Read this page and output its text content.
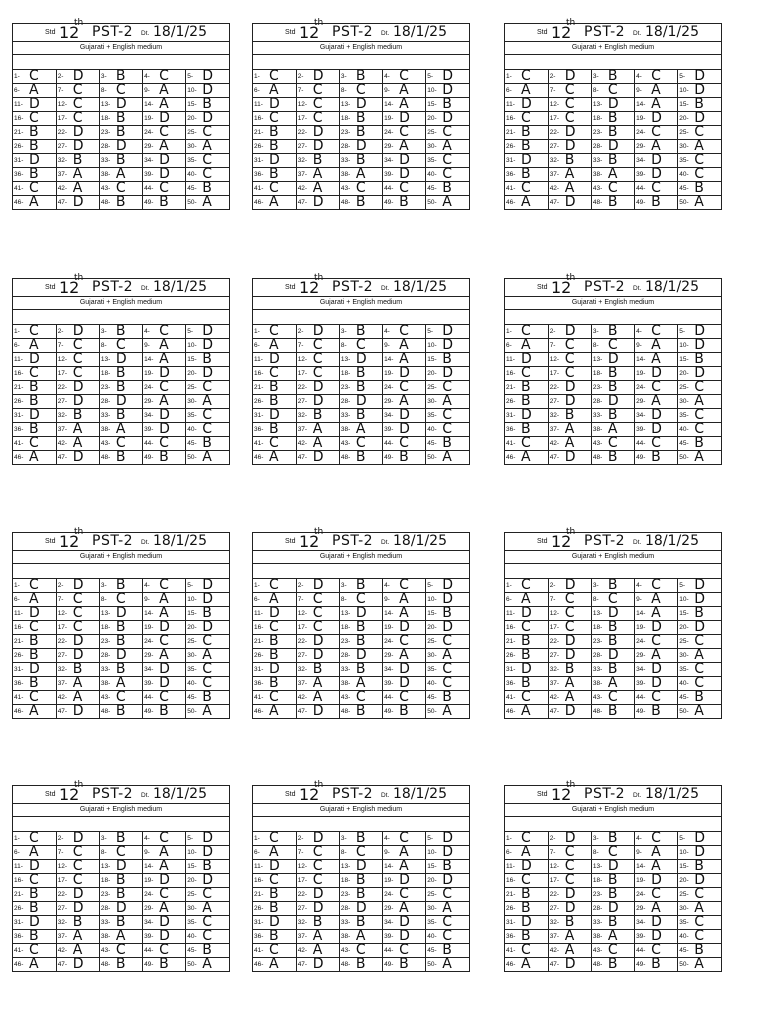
Std 12
th
PST-2 Dt. 18/1/25
Gujarati + English medium
1- C	2- D	3- B	4- C	5- D

6- A	7- C	8- C	9- A	10- D

11- D	12- C	13- D	14- A	15- B

16- C	17- C	18- B	19- D	20- D

21- B	22- D	23- B	24- C	25- C

26- B	27- D	28- D	29- A	30- A

31- D	32- B	33- B	34- D	35- C

36- B	37- A	38- A	39- D	40- C

41- C	42- A	43- C	44- C	45- B

46- A	47- D	48- B	49- B	50- A
Std 12
th
PST-2 Dt. 18/1/25
Gujarati + English medium
1- C	2- D	3- B	4- C	5- D

6- A	7- C	8- C	9- A	10- D

11- D	12- C	13- D	14- A	15- B

16- C	17- C	18- B	19- D	20- D

21- B	22- D	23- B	24- C	25- C

26- B	27- D	28- D	29- A	30- A

31- D	32- B	33- B	34- D	35- C

36- B	37- A	38- A	39- D	40- C

41- C	42- A	43- C	44- C	45- B

46- A	47- D	48- B	49- B	50- A
Std 12
th
PST-2 Dt. 18/1/25
Gujarati + English medium
1- C	2- D	3- B	4- C	5- D

6- A	7- C	8- C	9- A	10- D

11- D	12- C	13- D	14- A	15- B

16- C	17- C	18- B	19- D	20- D

21- B	22- D	23- B	24- C	25- C

26- B	27- D	28- D	29- A	30- A

31- D	32- B	33- B	34- D	35- C

36- B	37- A	38- A	39- D	40- C

41- C	42- A	43- C	44- C	45- B

46- A	47- D	48- B	49- B	50- A
Std 12
th
PST-2 Dt. 18/1/25
Gujarati + English medium
1- C	2- D	3- B	4- C	5- D

6- A	7- C	8- C	9- A	10- D

11- D	12- C	13- D	14- A	15- B

16- C	17- C	18- B	19- D	20- D

21- B	22- D	23- B	24- C	25- C

26- B	27- D	28- D	29- A	30- A

31- D	32- B	33- B	34- D	35- C

36- B	37- A	38- A	39- D	40- C

41- C	42- A	43- C	44- C	45- B

46- A	47- D	48- B	49- B	50- A
Std 12
th
PST-2 Dt. 18/1/25
Gujarati + English medium
1- C	2- D	3- B	4- C	5- D

6- A	7- C	8- C	9- A	10- D

11- D	12- C	13- D	14- A	15- B

16- C	17- C	18- B	19- D	20- D

21- B	22- D	23- B	24- C	25- C

26- B	27- D	28- D	29- A	30- A

31- D	32- B	33- B	34- D	35- C

36- B	37- A	38- A	39- D	40- C

41- C	42- A	43- C	44- C	45- B

46- A	47- D	48- B	49- B	50- A
Std 12
th
PST-2 Dt. 18/1/25
Gujarati + English medium
1- C	2- D	3- B	4- C	5- D

6- A	7- C	8- C	9- A	10- D

11- D	12- C	13- D	14- A	15- B

16- C	17- C	18- B	19- D	20- D

21- B	22- D	23- B	24- C	25- C

26- B	27- D	28- D	29- A	30- A

31- D	32- B	33- B	34- D	35- C

36- B	37- A	38- A	39- D	40- C

41- C	42- A	43- C	44- C	45- B

46- A	47- D	48- B	49- B	50- A
Std 12
th
PST-2 Dt. 18/1/25
Gujarati + English medium
1- C	2- D	3- B	4- C	5- D

6- A	7- C	8- C	9- A	10- D

11- D	12- C	13- D	14- A	15- B

16- C	17- C	18- B	19- D	20- D

21- B	22- D	23- B	24- C	25- C

26- B	27- D	28- D	29- A	30- A

31- D	32- B	33- B	34- D	35- C

36- B	37- A	38- A	39- D	40- C

41- C	42- A	43- C	44- C	45- B

46- A	47- D	48- B	49- B	50- A
Std 12
th
PST-2 Dt. 18/1/25
Gujarati + English medium
1- C	2- D	3- B	4- C	5- D

6- A	7- C	8- C	9- A	10- D

11- D	12- C	13- D	14- A	15- B

16- C	17- C	18- B	19- D	20- D

21- B	22- D	23- B	24- C	25- C

26- B	27- D	28- D	29- A	30- A

31- D	32- B	33- B	34- D	35- C

36- B	37- A	38- A	39- D	40- C

41- C	42- A	43- C	44- C	45- B

46- A	47- D	48- B	49- B	50- A
Std 12
th
PST-2 Dt. 18/1/25
Gujarati + English medium
1- C	2- D	3- B	4- C	5- D

6- A	7- C	8- C	9- A	10- D

11- D	12- C	13- D	14- A	15- B

16- C	17- C	18- B	19- D	20- D

21- B	22- D	23- B	24- C	25- C

26- B	27- D	28- D	29- A	30- A

31- D	32- B	33- B	34- D	35- C

36- B	37- A	38- A	39- D	40- C

41- C	42- A	43- C	44- C	45- B

46- A	47- D	48- B	49- B	50- A
Std 12
th
PST-2 Dt. 18/1/25
Gujarati + English medium
1- C	2- D	3- B	4- C	5- D

6- A	7- C	8- C	9- A	10- D

11- D	12- C	13- D	14- A	15- B

16- C	17- C	18- B	19- D	20- D

21- B	22- D	23- B	24- C	25- C

26- B	27- D	28- D	29- A	30- A

31- D	32- B	33- B	34- D	35- C

36- B	37- A	38- A	39- D	40- C

41- C	42- A	43- C	44- C	45- B

46- A	47- D	48- B	49- B	50- A
Std 12
th
PST-2 Dt. 18/1/25
Gujarati + English medium
1- C	2- D	3- B	4- C	5- D

6- A	7- C	8- C	9- A	10- D

11- D	12- C	13- D	14- A	15- B

16- C	17- C	18- B	19- D	20- D

21- B	22- D	23- B	24- C	25- C

26- B	27- D	28- D	29- A	30- A

31- D	32- B	33- B	34- D	35- C

36- B	37- A	38- A	39- D	40- C

41- C	42- A	43- C	44- C	45- B

46- A	47- D	48- B	49- B	50- A
Std 12
th
PST-2 Dt. 18/1/25
Gujarati + English medium
1- C	2- D	3- B	4- C	5- D

6- A	7- C	8- C	9- A	10- D

11- D	12- C	13- D	14- A	15- B

16- C	17- C	18- B	19- D	20- D

21- B	22- D	23- B	24- C	25- C

26- B	27- D	28- D	29- A	30- A

31- D	32- B	33- B	34- D	35- C

36- B	37- A	38- A	39- D	40- C

41- C	42- A	43- C	44- C	45- B

46- A	47- D	48- B	49- B	50- A
